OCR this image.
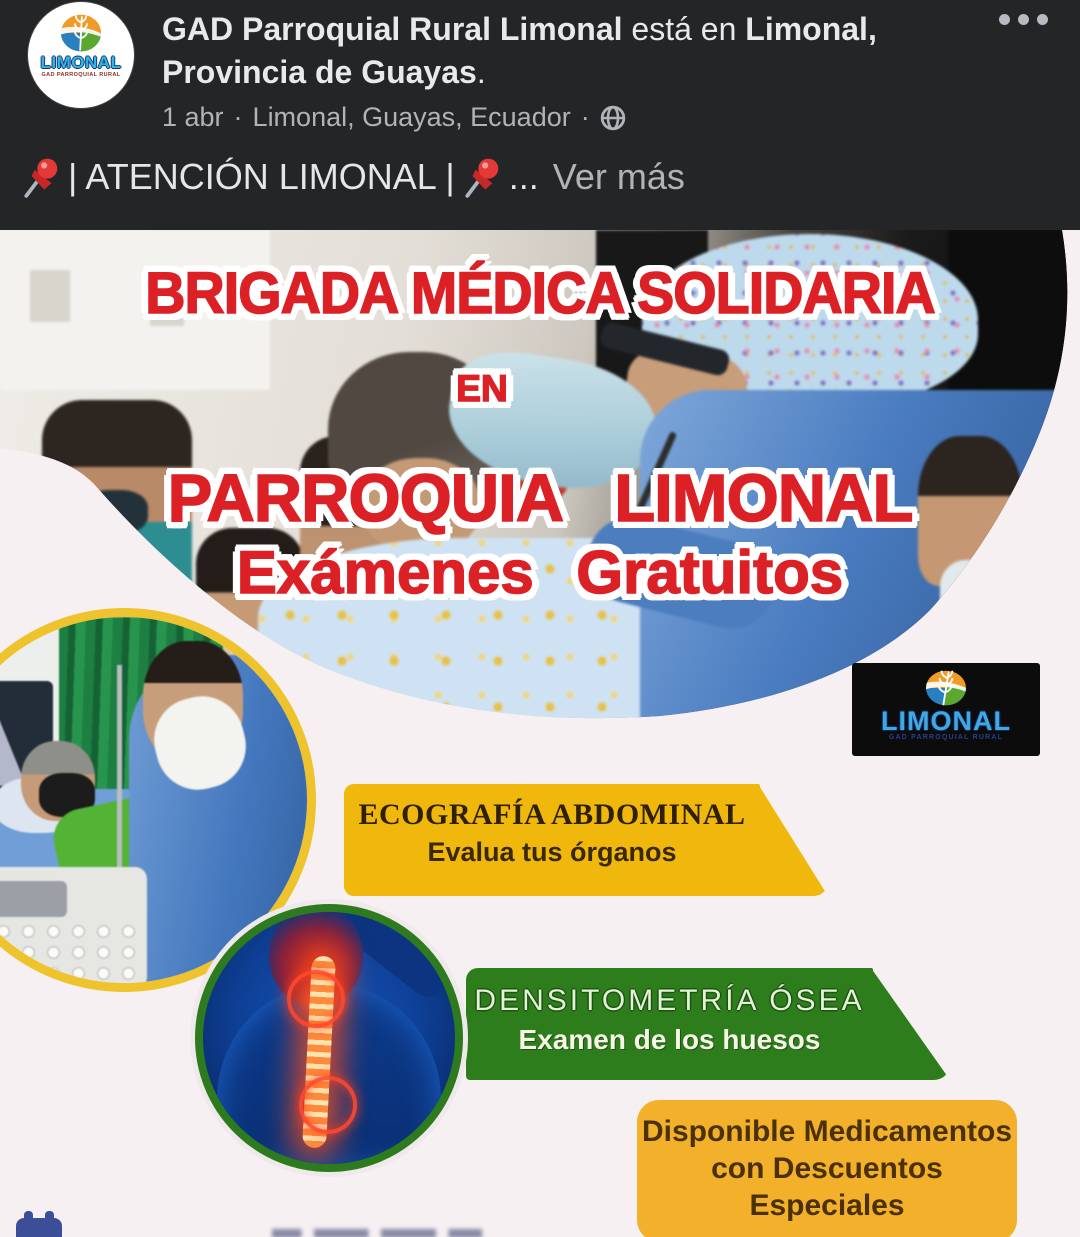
LIMONAL
GAD PARROQUIAL RURAL
GAD Parroquial Rural Limonal está en Limonal, Provincia de Guayas.
1 abr · Limonal, Guayas, Ecuador ·
| ATENCIÓN LIMONAL | ... Ver más
BRIGADA MÉDICA SOLIDARIA
EN
PARROQUIA LIMONAL
Exámenes Gratuitos
LIMONAL
GAD PARROQUIAL RURAL
ECOGRAFÍA ABDOMINAL
Evalua tus órganos
DENSITOMETRÍA ÓSEA
Examen de los huesos
Disponible Medicamentos
con Descuentos
Especiales
